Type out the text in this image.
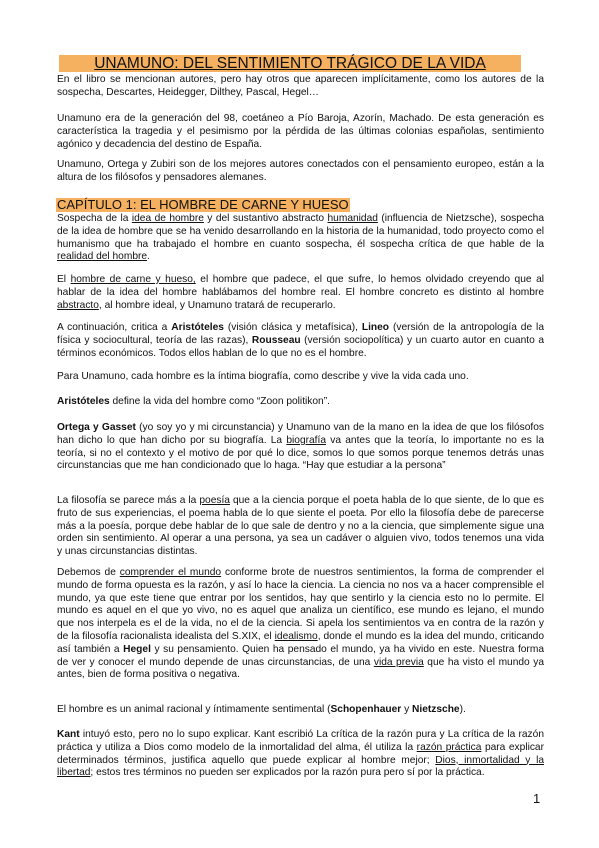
UNAMUNO: DEL SENTIMIENTO TRÁGICO DE LA VIDA

En el libro se mencionan autores, pero hay otros que aparecen implícitamente, como los autores de la sospecha, Descartes, Heidegger, Dilthey, Pascal, Hegel…

Unamuno era de la generación del 98, coetáneo a Pío Baroja, Azorín, Machado. De esta generación es característica la tragedia y el pesimismo por la pérdida de las últimas colonias españolas, sentimiento agónico y decadencia del destino de España.

Unamuno, Ortega y Zubiri son de los mejores autores conectados con el pensamiento europeo, están a la altura de los filósofos y pensadores alemanes.

CAPÍTULO 1: EL HOMBRE DE CARNE Y HUESO

Sospecha de la idea de hombre y del sustantivo abstracto humanidad (influencia de Nietzsche), sospecha de la idea de hombre que se ha venido desarrollando en la historia de la humanidad, todo proyecto como el humanismo que ha trabajado el hombre en cuanto sospecha, él sospecha crítica de que hable de la realidad del hombre.

El hombre de carne y hueso, el hombre que padece, el que sufre, lo hemos olvidado creyendo que al hablar de la idea del hombre hablábamos del hombre real. El hombre concreto es distinto al hombre abstracto, al hombre ideal, y Unamuno tratará de recuperarlo.

A continuación, critica a Aristóteles (visión clásica y metafísica), Lineo (versión de la antropología de la física y sociocultural, teoría de las razas), Rousseau (versión sociopolítica) y un cuarto autor en cuanto a términos económicos. Todos ellos hablan de lo que no es el hombre.

Para Unamuno, cada hombre es la íntima biografía, como describe y vive la vida cada uno.

Aristóteles define la vida del hombre como “Zoon politikon”.

Ortega y Gasset (yo soy yo y mi circunstancia) y Unamuno van de la mano en la idea de que los filósofos han dicho lo que han dicho por su biografía. La biografía va antes que la teoría, lo importante no es la teoría, si no el contexto y el motivo de por qué lo dice, somos lo que somos porque tenemos detrás unas circunstancias que me han condicionado que lo haga. “Hay que estudiar a la persona”

La filosofía se parece más a la poesía que a la ciencia porque el poeta habla de lo que siente, de lo que es fruto de sus experiencias, el poema habla de lo que siente el poeta. Por ello la filosofía debe de parecerse más a la poesía, porque debe hablar de lo que sale de dentro y no a la ciencia, que simplemente sigue una orden sin sentimiento. Al operar a una persona, ya sea un cadáver o alguien vivo, todos tenemos una vida y unas circunstancias distintas.

Debemos de comprender el mundo conforme brote de nuestros sentimientos, la forma de comprender el mundo de forma opuesta es la razón, y así lo hace la ciencia. La ciencia no nos va a hacer comprensible el mundo, ya que este tiene que entrar por los sentidos, hay que sentirlo y la ciencia esto no lo permite. El mundo es aquel en el que yo vivo, no es aquel que analiza un científico, ese mundo es lejano, el mundo que nos interpela es el de la vida, no el de la ciencia. Si apela los sentimientos va en contra de la razón y de la filosofía racionalista idealista del S.XIX, el idealismo, donde el mundo es la idea del mundo, criticando así también a Hegel y su pensamiento. Quien ha pensado el mundo, ya ha vivido en este. Nuestra forma de ver y conocer el mundo depende de unas circunstancias, de una vida previa que ha visto el mundo ya antes, bien de forma positiva o negativa.

El hombre es un animal racional y íntimamente sentimental (Schopenhauer y Nietzsche).

Kant intuyó esto, pero no lo supo explicar. Kant escribió La crítica de la razón pura y La crítica de la razón práctica y utiliza a Dios como modelo de la inmortalidad del alma, él utiliza la razón práctica para explicar determinados términos, justifica aquello que puede explicar al hombre mejor; Dios, inmortalidad y la libertad; estos tres términos no pueden ser explicados por la razón pura pero sí por la práctica.

1
